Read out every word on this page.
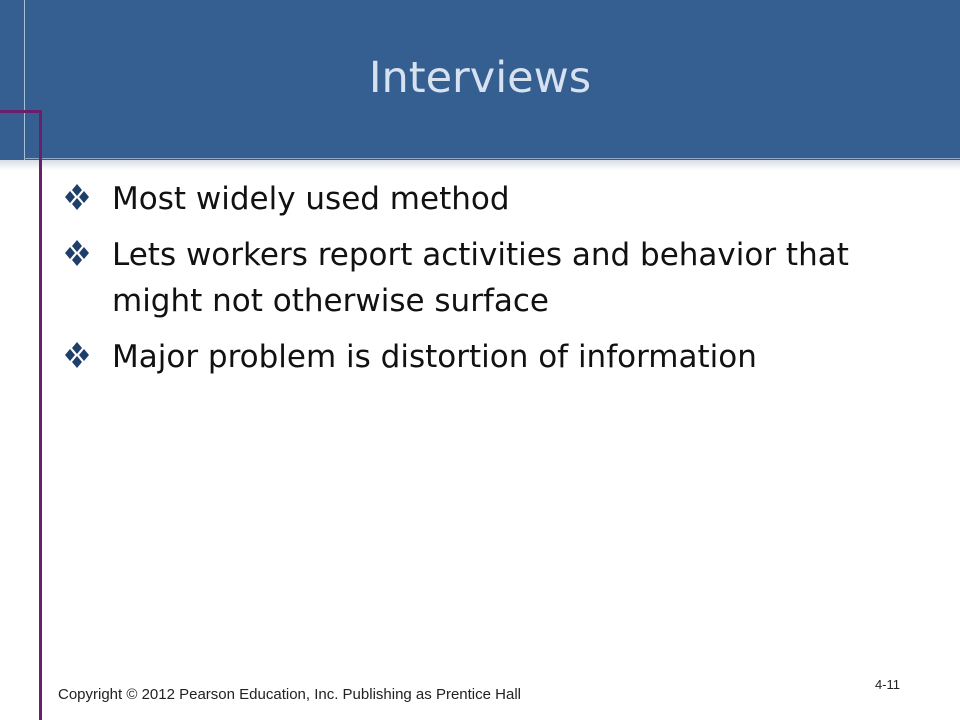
Interviews
Most widely used method
Lets workers report activities and behavior that might not otherwise surface
Major problem is distortion of information
Copyright © 2012 Pearson Education, Inc. Publishing as Prentice Hall
4-11
